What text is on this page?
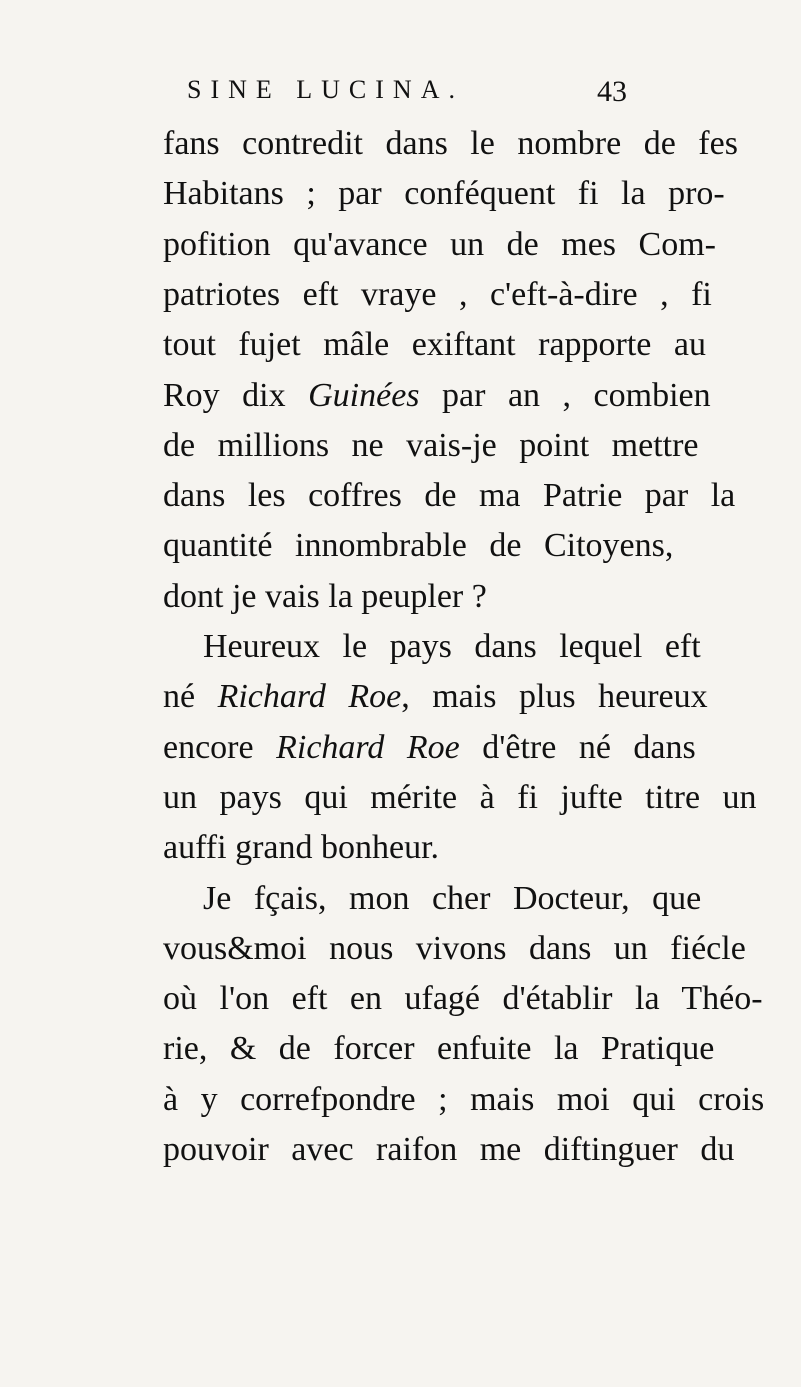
SINE LUCINA.	43
fans contredit dans le nombre de fes
Habitans ; par conféquent fi la pro-
pofition qu'avance un de mes Com-
patriotes eft vraye , c'eft-à-dire , fi
tout fujet mâle exiftant rapporte au
Roy dix Guinées par an , combien
de millions ne vais-je point mettre
dans les coffres de ma Patrie par la
quantité innombrable de Citoyens,
dont je vais la peupler ?
Heureux le pays dans lequel eft
né Richard Roe, mais plus heureux
encore Richard Roe d'être né dans
un pays qui mérite à fi jufte titre un
auffi grand bonheur.
Je fçais, mon cher Docteur, que
vous&moi nous vivons dans un fiécle
où l'on eft en ufagé d'établir la Théo-
rie, & de forcer enfuite la Pratique
à y correfpondre ; mais moi qui crois
pouvoir avec raifon me diftinguer du
